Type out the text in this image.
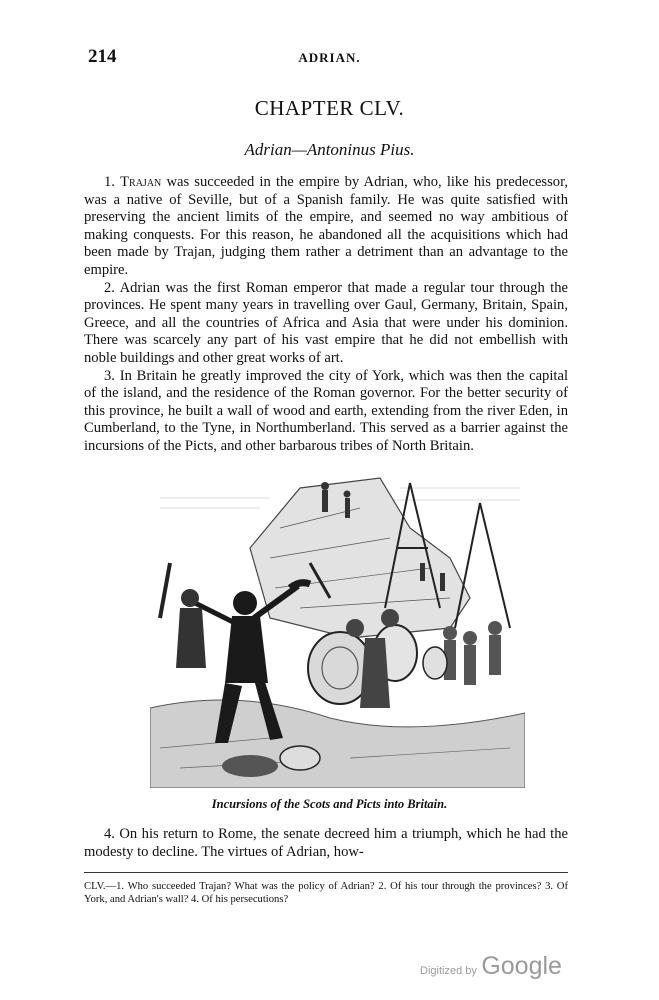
214	ADRIAN.
CHAPTER CLV.
Adrian—Antoninus Pius.

1. Trajan was succeeded in the empire by Adrian, who, like his predecessor, was a native of Seville, but of a Spanish family. He was quite satisfied with preserving the ancient limits of the empire, and seemed no way ambitious of making conquests. For this reason, he abandoned all the acquisitions which had been made by Trajan, judging them rather a detriment than an advantage to the empire.

2. Adrian was the first Roman emperor that made a regular tour through the provinces. He spent many years in travelling over Gaul, Germany, Britain, Spain, Greece, and all the countries of Africa and Asia that were under his dominion. There was scarcely any part of his vast empire that he did not embellish with noble buildings and other great works of art.

3. In Britain he greatly improved the city of York, which was then the capital of the island, and the residence of the Roman governor. For the better security of this province, he built a wall of wood and earth, extending from the river Eden, in Cumberland, to the Tyne, in Northumberland. This served as a barrier against the incursions of the Picts, and other barbarous tribes of North Britain.

Incursions of the Scots and Picts into Britain.

4. On his return to Rome, the senate decreed him a triumph, which he had the modesty to decline. The virtues of Adrian, how-

CLV.—1. Who succeeded Trajan? What was the policy of Adrian? 2. Of his tour through the provinces? 3. Of York, and Adrian's wall? 4. Of his persecutions?
Digitized by Google
